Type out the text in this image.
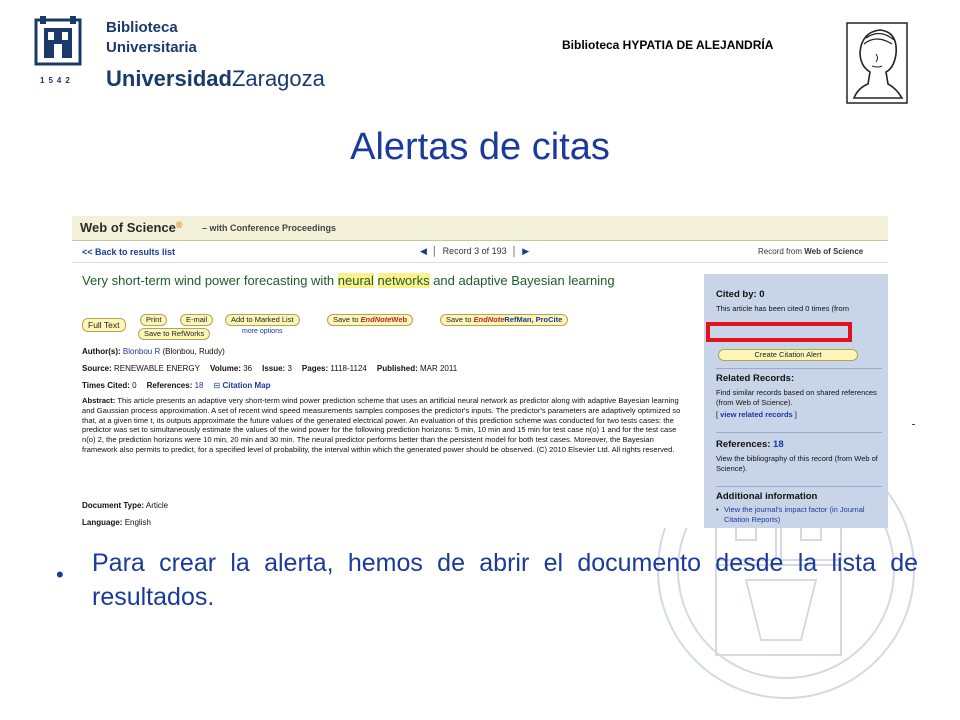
1542
Biblioteca
Universitaria
UniversidadZaragoza
Biblioteca HYPATIA DE ALEJANDRÍA
Alertas de citas
Web of Science® – with Conference Proceedings
<< Back to results list	◀  │  Record 3 of 193  │  ▶	Record from Web of Science
Very short-term wind power forecasting with neural networks and adaptive Bayesian learning
Full Text
Print	E-mail	Add to Marked List	Save to EndNoteWeb	Save to EndNoteRefMan, ProCite
Save to RefWorks	more options
Author(s): Blonbou R (Blonbou, Ruddy)
Source: RENEWABLE ENERGY Volume: 36 Issue: 3 Pages: 1118-1124 Published: MAR 2011
Times Cited: 0 References: 18 ⊟ Citation Map
Abstract: This article presents an adaptive very short-term wind power prediction scheme that uses an artificial neural network as predictor along with adaptive Bayesian learning and Gaussian process approximation. A set of recent wind speed measurements samples composes the predictor's inputs. The predictor's parameters are adaptively optimized so that, at a given time t, its outputs approximate the future values of the generated electrical power. An evaluation of this prediction scheme was conducted for two tests cases: the predictor was set to simultaneously estimate the values of the wind power for the following prediction horizons: 5 min, 10 min and 15 min for test case n(o) 1 and for the test case n(o) 2, the prediction horizons were 10 min, 20 min and 30 min. The neural predictor performs better than the persistent model for both test cases. Moreover, the Bayesian framework also permits to predict, for a specified level of probability, the interval within which the generated power should be observed. (C) 2010 Elsevier Ltd. All rights reserved.
Document Type: Article
Language: English
Cited by: 0
This article has been cited 0 times (from
Create Citation Alert
Related Records:
Find similar records based on shared references (from Web of Science).
[ view related records ]
References: 18
View the bibliography of this record (from Web of Science).
Additional information
• View the journal's impact factor (in Journal Citation Reports)
• Para crear la alerta, hemos de abrir el documento desde la lista de resultados.
